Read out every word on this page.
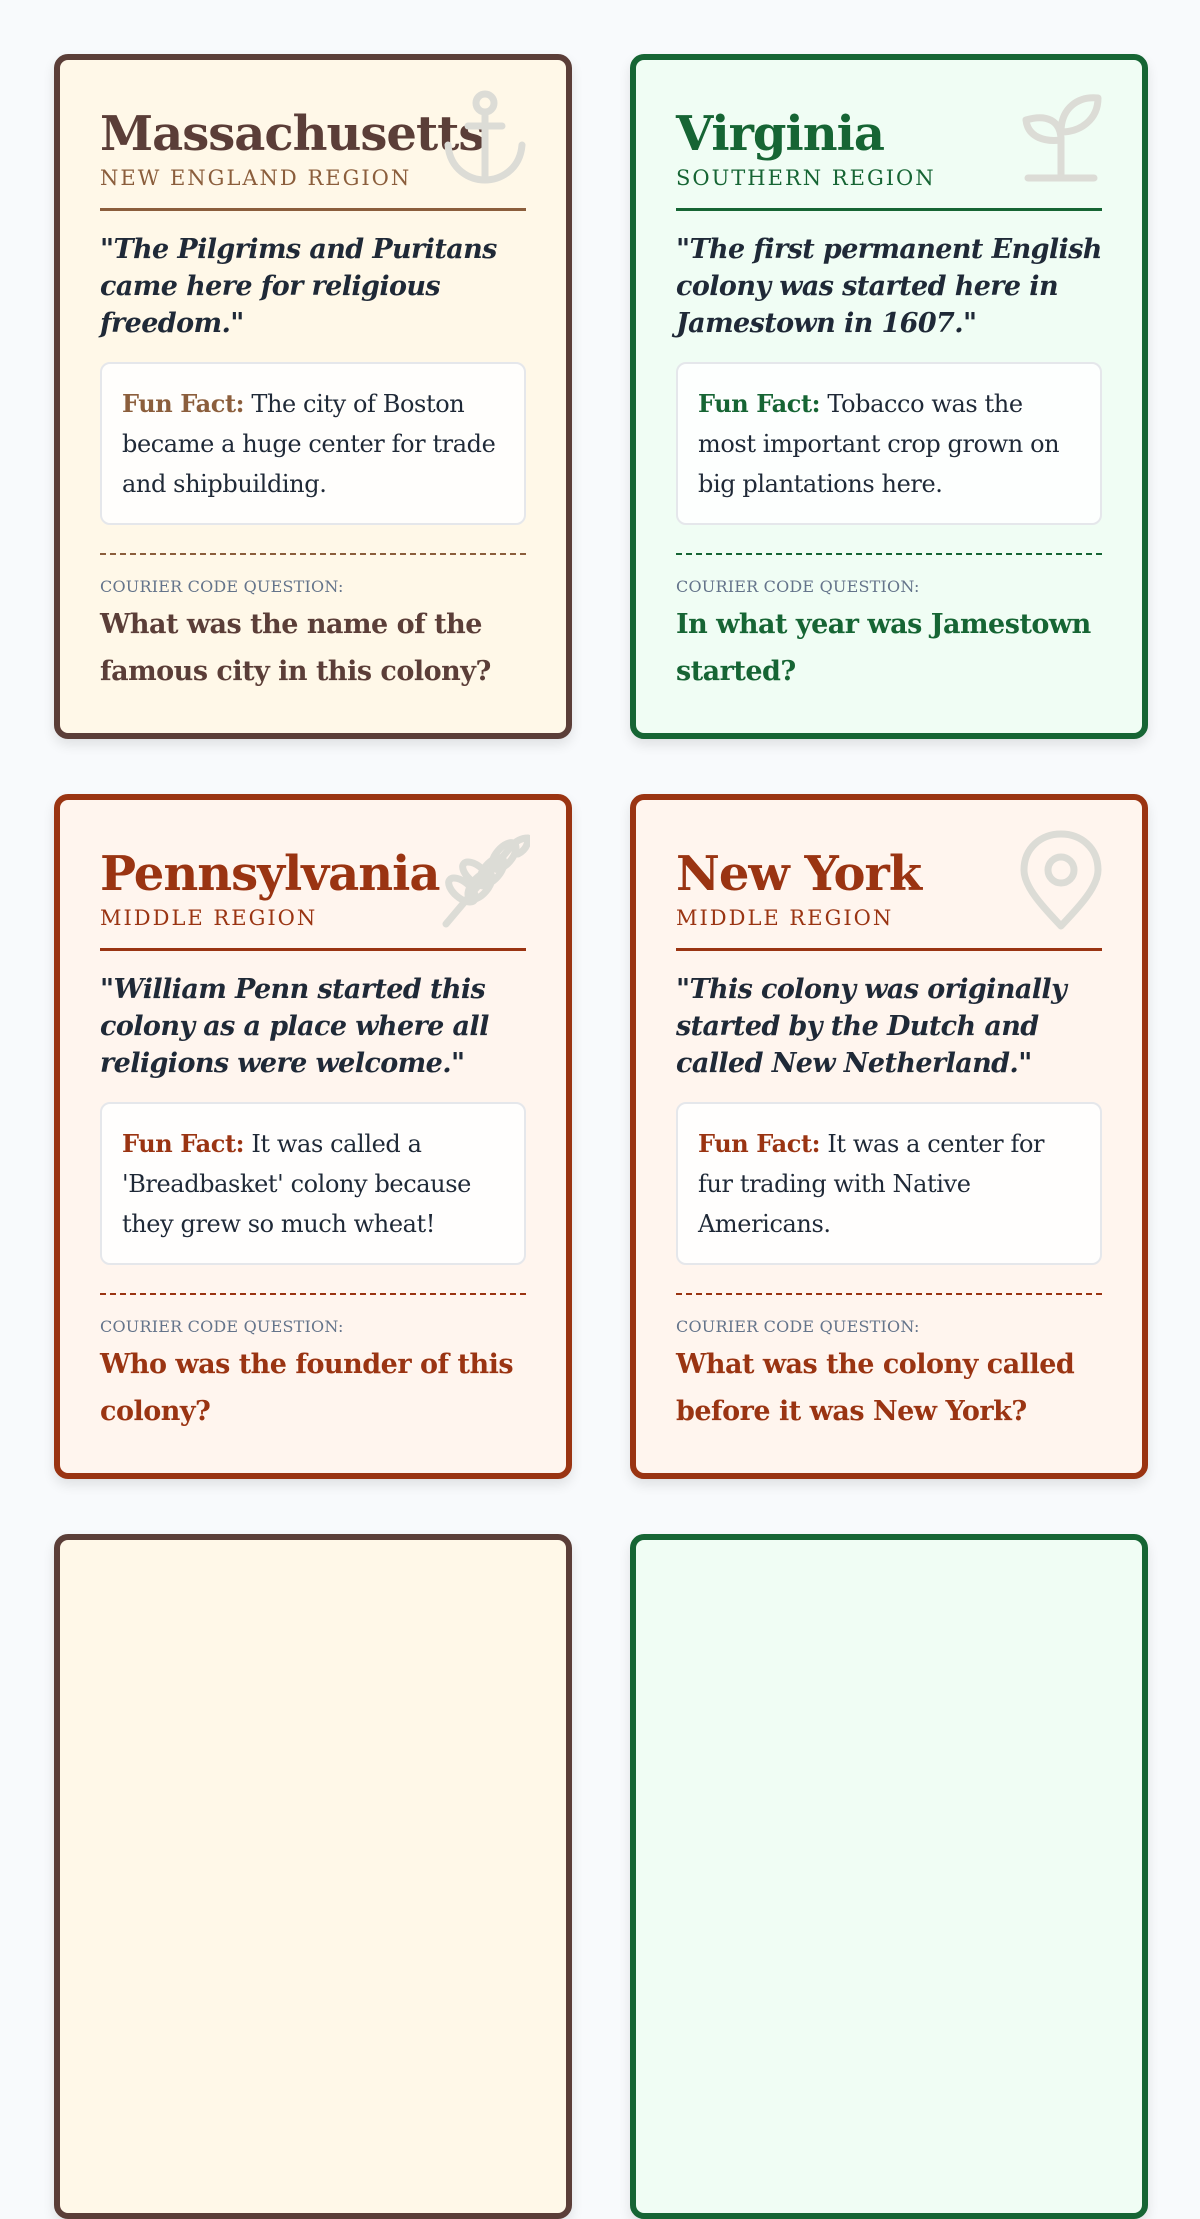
Massachusetts
NEW ENGLAND REGION
"The Pilgrims and Puritans came here for religious freedom."
Fun Fact: The city of Boston became a huge center for trade and shipbuilding.
COURIER CODE QUESTION:
What was the name of the famous city in this colony?
Virginia
SOUTHERN REGION
"The first permanent English colony was started here in Jamestown in 1607."
Fun Fact: Tobacco was the most important crop grown on big plantations here.
COURIER CODE QUESTION:
In what year was Jamestown started?
Pennsylvania
MIDDLE REGION
"William Penn started this colony as a place where all religions were welcome."
Fun Fact: It was called a 'Breadbasket' colony because they grew so much wheat!
COURIER CODE QUESTION:
Who was the founder of this colony?
New York
MIDDLE REGION
"This colony was originally started by the Dutch and called New Netherland."
Fun Fact: It was a center for fur trading with Native Americans.
COURIER CODE QUESTION:
What was the colony called before it was New York?
